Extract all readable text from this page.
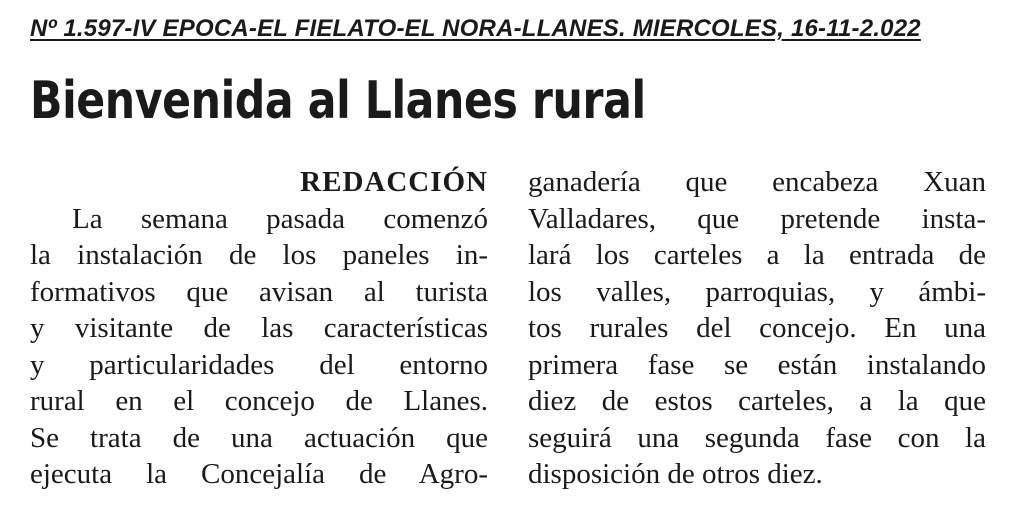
Nº 1.597-IV EPOCA-EL FIELATO-EL NORA-LLANES. MIERCOLES, 16-11-2.022
Bienvenida al Llanes rural
REDACCIÓN
La semana pasada comenzó
la instalación de los paneles in-
formativos que avisan al turista
y visitante de las características
y particularidades del entorno
rural en el concejo de Llanes.
Se trata de una actuación que
ejecuta la Concejalía de Agro-
ganadería que encabeza Xuan
Valladares, que pretende insta-
lará los carteles a la entrada de
los valles, parroquias, y ámbi-
tos rurales del concejo. En una
primera fase se están instalando
diez de estos carteles, a la que
seguirá una segunda fase con la
disposición de otros diez.
